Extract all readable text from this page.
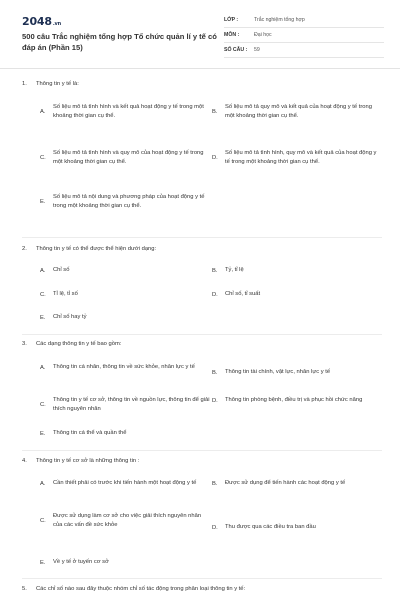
2048.vn
500 câu Trắc nghiệm tổng hợp Tổ chức quản lí y tế có đáp án (Phần 15)
LỚP :	Trắc nghiệm tổng hợp
MÔN :	Đại học
SỐ CÂU :	59
1. Thông tin y tế là:
A.
Số liệu mô tả tình hình và kết quả hoạt động y tế trong một khoảng thời gian cụ thể.
B.
Số liệu mô tả quy mô và kết quả của hoạt động y tế trong một khoảng thời gian cụ thể.
C.
Số liệu mô tả tình hình và quy mô của hoạt động y tế trong một khoảng thời gian cụ thể.
D.
Số liệu mô tả tình hình, quy mô và kết quả của hoạt động y tế trong một khoảng thời gian cụ thể.
E.
Số liệu mô tả nội dung và phương pháp của hoạt động y tế trong một khoảng thời gian cụ thể.
2. Thông tin y tế có thể được thể hiện dưới dạng:
A.	Chỉ số	B.	Tỷ, tỉ lệ
C.	Tỉ lệ, tỉ số	D.	Chỉ số, tỉ suất
E.	Chỉ số hay tỷ
3. Các dạng thông tin y tế bao gồm:
A.	Thông tin cá nhân, thông tin về sức khỏe, nhân lực y tế
B.	Thông tin tài chính, vật lực, nhân lực y tế
C.
Thông tin y tế cơ sở, thông tin về nguồn lực, thông tin để giải thích nguyên nhân
D.	Thông tin phòng bệnh, điều trị và phục hồi chức năng
E.	Thông tin cá thể và quần thể
4. Thông tin y tế cơ sở là những thông tin :
A.	Cần thiết phải có trước khi tiến hành một hoạt động y tế	B.	Được sử dụng để tiến hành các hoạt động y tế
C.
Được sử dụng làm cơ sở cho việc giải thích nguyên nhân của các vấn đề sức khỏe	D.	Thu được qua các điều tra ban đầu
E.	Về y tế ở tuyến cơ sở
5. Các chỉ số nào sau đây thuộc nhóm chỉ số tác động trong phân loại thông tin y tế:
